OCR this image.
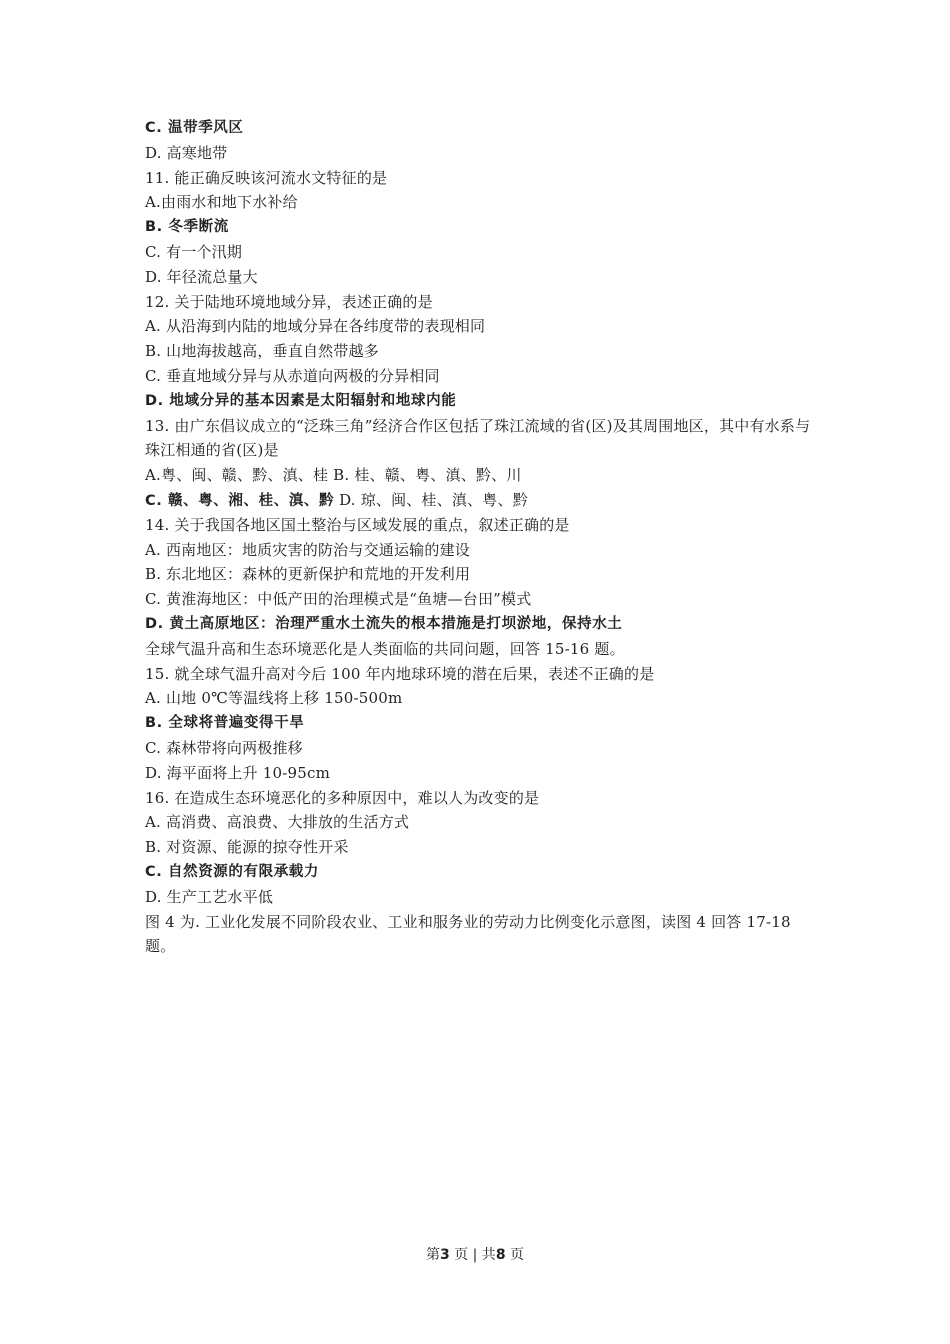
C. 温带季风区
D. 高寒地带
11. 能正确反映该河流水文特征的是
A.由雨水和地下水补给
B. 冬季断流
C. 有一个汛期
D. 年径流总量大
12. 关于陆地环境地域分异，表述正确的是
A. 从沿海到内陆的地域分异在各纬度带的表现相同
B. 山地海拔越高，垂直自然带越多
C. 垂直地域分异与从赤道向两极的分异相同
D. 地域分异的基本因素是太阳辐射和地球内能
13. 由广东倡议成立的“泛珠三角”经济合作区包括了珠江流域的省(区)及其周围地区，其中有水系与珠江相通的省(区)是
A.粤、闽、赣、黔、滇、桂 B. 桂、赣、粤、滇、黔、川
C. 赣、粤、湘、桂、滇、黔 D. 琼、闽、桂、滇、粤、黔
14. 关于我国各地区国土整治与区域发展的重点，叙述正确的是
A. 西南地区：地质灾害的防治与交通运输的建设
B. 东北地区：森林的更新保护和荒地的开发利用
C. 黄淮海地区：中低产田的治理模式是“鱼塘—台田”模式
D. 黄土高原地区：治理严重水土流失的根本措施是打坝淤地，保持水土
全球气温升高和生态环境恶化是人类面临的共同问题，回答 15-16 题。
15. 就全球气温升高对今后 100 年内地球环境的潜在后果，表述不正确的是
A. 山地 0℃等温线将上移 150-500m
B. 全球将普遍变得干旱
C. 森林带将向两极推移
D. 海平面将上升 10-95cm
16. 在造成生态环境恶化的多种原因中，难以人为改变的是
A. 高消费、高浪费、大排放的生活方式
B. 对资源、能源的掠夺性开采
C. 自然资源的有限承载力
D. 生产工艺水平低
图 4 为. 工业化发展不同阶段农业、工业和服务业的劳动力比例变化示意图，读图 4 回答 17-18 题。
第3 页 | 共8 页
